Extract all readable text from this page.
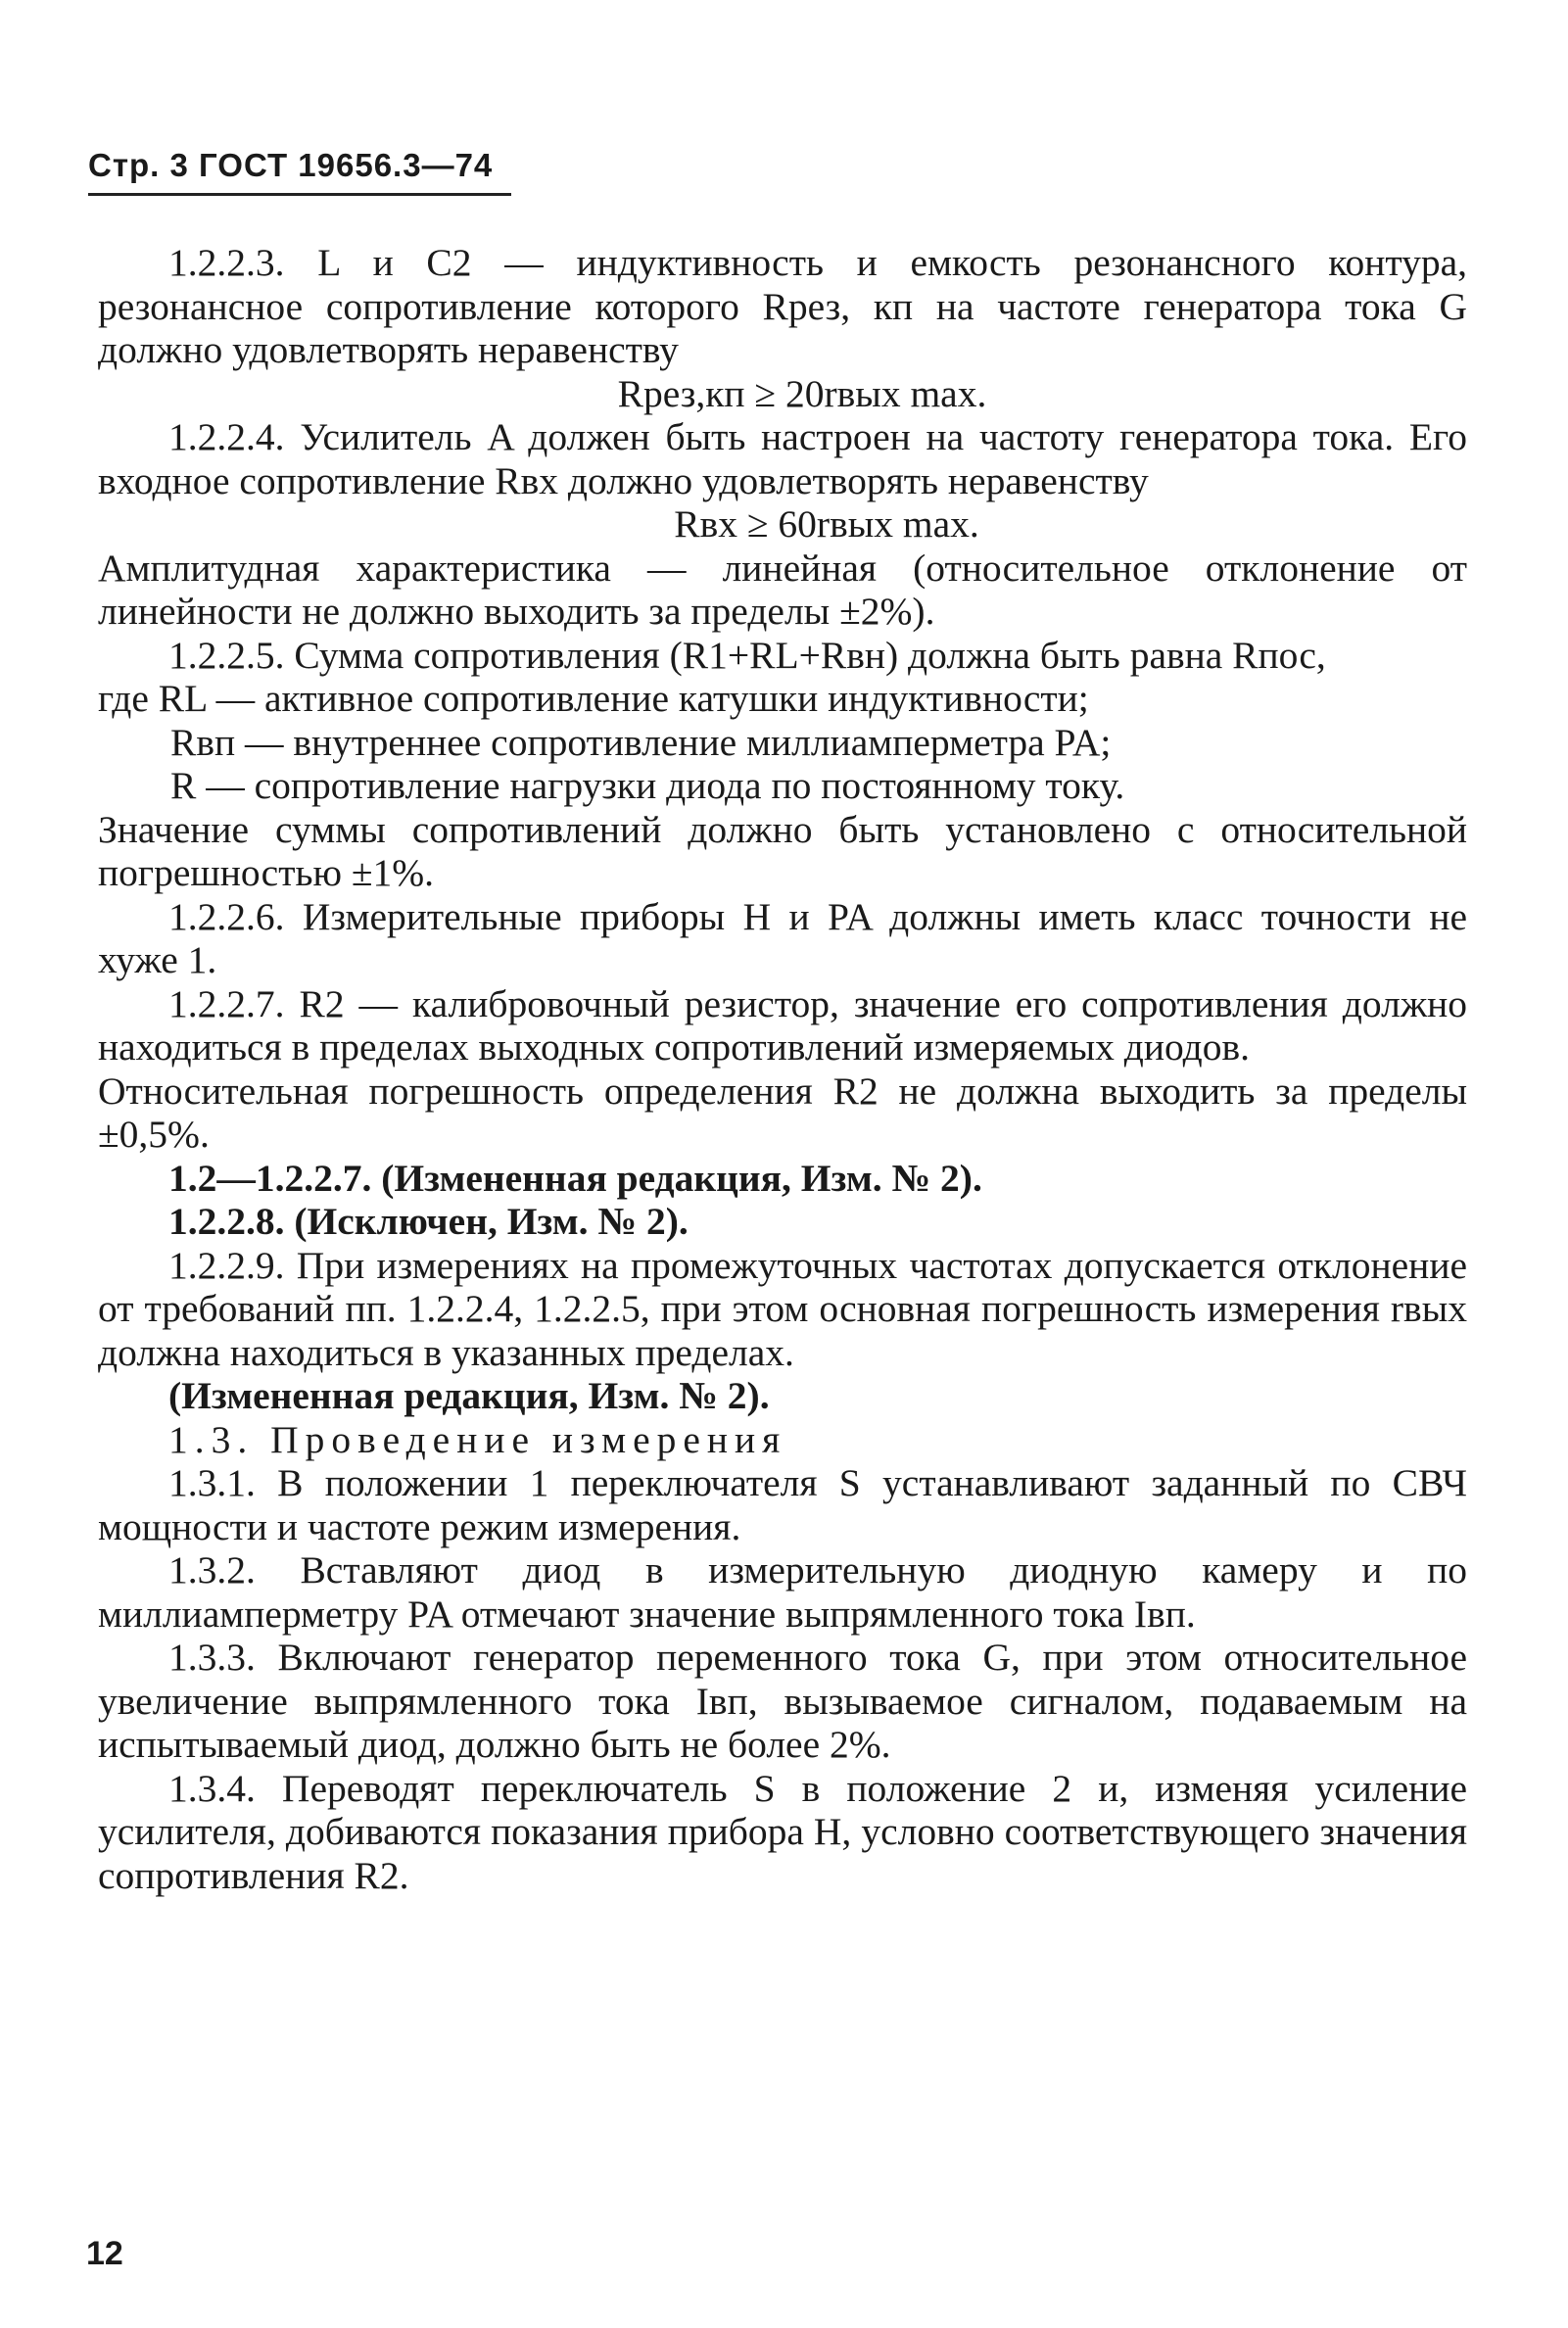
Стр. 3 ГОСТ 19656.3—74

1.2.2.3. L и С2 — индуктивность и емкость резонансного контура, резонансное сопротивление которого Rрез, кп на частоте генератора тока G должно удовлетворять неравенству

Rрез,кп ≥ 20rвых max.

1.2.2.4. Усилитель A должен быть настроен на частоту генератора тока. Его входное сопротивление Rвх должно удовлетворять неравенству

Rвх ≥ 60rвых max.

Амплитудная характеристика — линейная (относительное отклонение от линейности не должно выходить за пределы ±2%).

1.2.2.5. Сумма сопротивления (R1+RL+Rвн) должна быть равна Rпос,

где RL — активное сопротивление катушки индуктивности;

Rвп — внутреннее сопротивление миллиамперметра PA;

R — сопротивление нагрузки диода по постоянному току.

Значение суммы сопротивлений должно быть установлено с относительной погрешностью ±1%.

1.2.2.6. Измерительные приборы H и PA должны иметь класс точности не хуже 1.

1.2.2.7. R2 — калибровочный резистор, значение его сопротивления должно находиться в пределах выходных сопротивлений измеряемых диодов.

Относительная погрешность определения R2 не должна выходить за пределы ±0,5%.

1.2—1.2.2.7. (Измененная редакция, Изм. № 2).

1.2.2.8. (Исключен, Изм. № 2).

1.2.2.9. При измерениях на промежуточных частотах допускается отклонение от требований пп. 1.2.2.4, 1.2.2.5, при этом основная погрешность измерения rвых должна находиться в указанных пределах.

(Измененная редакция, Изм. № 2).

1.3. Проведение измерения

1.3.1. В положении 1 переключателя S устанавливают заданный по СВЧ мощности и частоте режим измерения.

1.3.2. Вставляют диод в измерительную диодную камеру и по миллиамперметру PA отмечают значение выпрямленного тока Iвп.

1.3.3. Включают генератор переменного тока G, при этом относительное увеличение выпрямленного тока Iвп, вызываемое сигналом, подаваемым на испытываемый диод, должно быть не более 2%.

1.3.4. Переводят переключатель S в положение 2 и, изменяя усиление усилителя, добиваются показания прибора H, условно соответствующего значения сопротивления R2.

12
